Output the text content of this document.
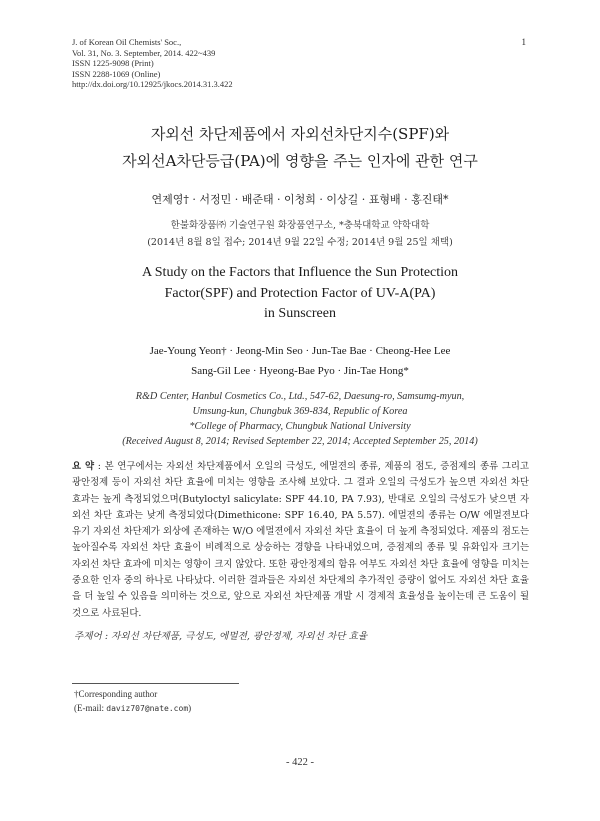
J. of Korean Oil Chemists' Soc.,
Vol. 31, No. 3. September, 2014. 422~439
ISSN 1225-9098 (Print)
ISSN 2288-1069 (Online)
http://dx.doi.org/10.12925/jkocs.2014.31.3.422
1
자외선 차단제품에서 자외선차단지수(SPF)와
자외선A차단등급(PA)에 영향을 주는 인자에 관한 연구
연제영† · 서정민 · 배준태 · 이청희 · 이상길 · 표형배 · 홍진태*
한불화장품㈜ 기술연구원 화장품연구소, *충북대학교 약학대학
(2014년 8월 8일 접수; 2014년 9월 22일 수정; 2014년 9월 25일 채택)
A Study on the Factors that Influence the Sun Protection
Factor(SPF) and Protection Factor of UV-A(PA)
in Sunscreen
Jae-Young Yeon† · Jeong-Min Seo · Jun-Tae Bae · Cheong-Hee Lee
Sang-Gil Lee · Hyeong-Bae Pyo · Jin-Tae Hong*
R&D Center, Hanbul Cosmetics Co., Ltd., 547-62, Daesung-ro, Samsumg-myun,
Umsung-kun, Chungbuk 369-834, Republic of Korea
*College of Pharmacy, Chungbuk National University
(Received August 8, 2014; Revised September 22, 2014; Accepted September 25, 2014)
요 약 : 본 연구에서는 자외선 차단제품에서 오일의 극성도, 에멀젼의 종류, 제품의 점도, 증점제의 종류 그리고 광안정제 등이 자외선 차단 효율에 미치는 영향을 조사해 보았다. 그 결과 오일의 극성도가 높으면 자외선 차단 효과는 높게 측정되었으며(Butyloctyl salicylate: SPF 44.10, PA 7.93), 반대로 오일의 극성도가 낮으면 자외선 차단 효과는 낮게 측정되었다(Dimethicone: SPF 16.40, PA 5.57). 에멀젼의 종류는 O/W 에멀젼보다 유기 자외선 차단제가 외상에 존재하는 W/O 에멀젼에서 자외선 차단 효율이 더 높게 측정되었다. 제품의 점도는 높아질수록 자외선 차단 효율이 비례적으로 상승하는 경향을 나타내었으며, 증점제의 종류 및 유화입자 크기는 자외선 차단 효과에 미치는 영향이 크지 않았다. 또한 광안정제의 함유 여부도 자외선 차단 효율에 영향을 미치는 중요한 인자 중의 하나로 나타났다. 이러한 결과들은 자외선 차단제의 추가적인 증량이 없어도 자외선 차단 효율을 더 높일 수 있음을 의미하는 것으로, 앞으로 자외선 차단제품 개발 시 경제적 효율성을 높이는데 큰 도움이 될 것으로 사료된다.
주제어 : 자외선 차단제품, 극성도, 에멀젼, 광안정제, 자외선 차단 효율
†Corresponding author
(E-mail: daviz707@nate.com)
- 422 -
